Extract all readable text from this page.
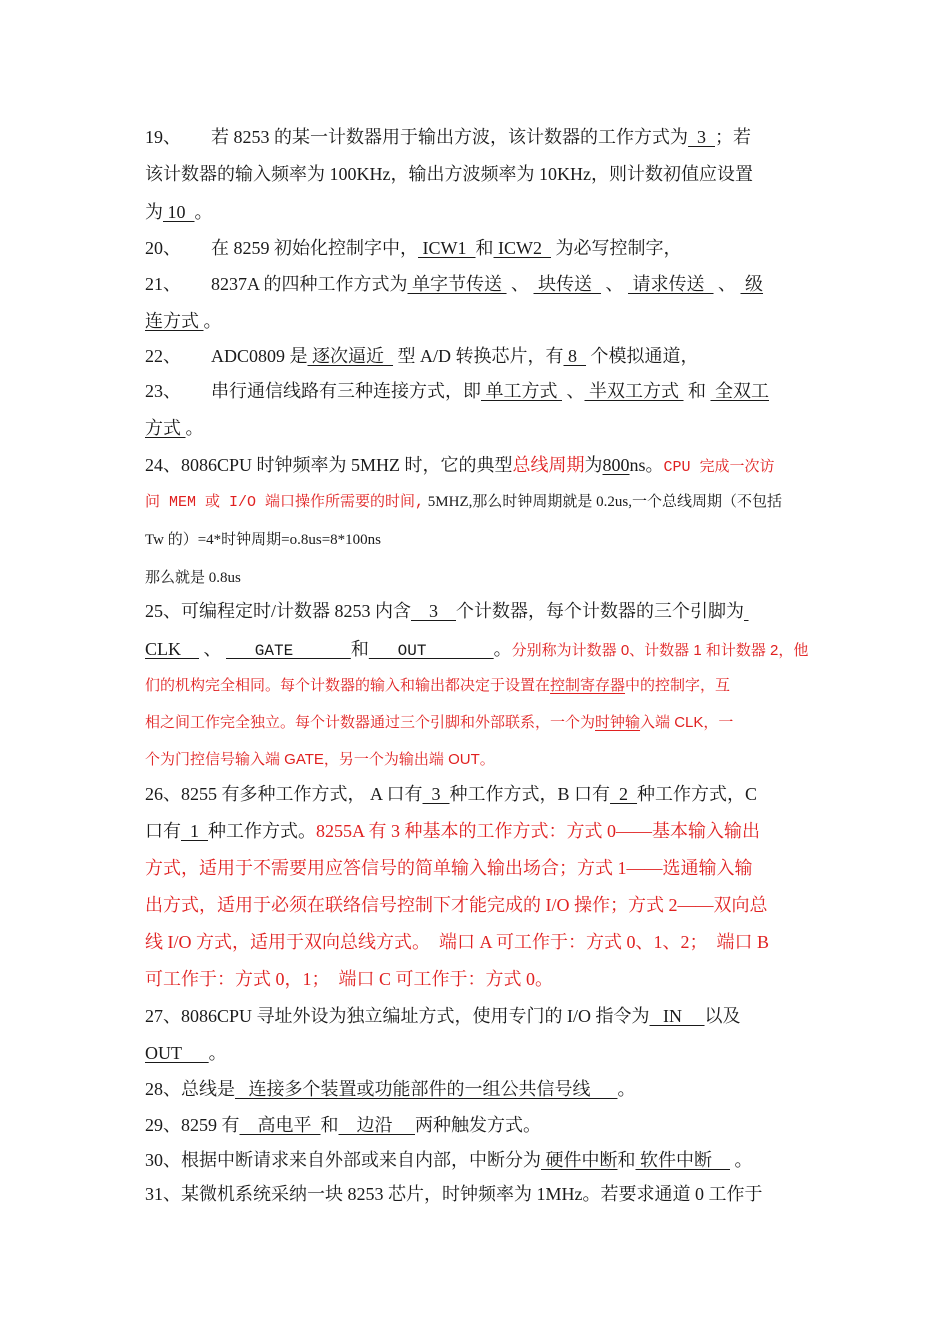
19、 若 8253 的某一计数器用于输出方波，该计数器的工作方式为  3  ；若
该计数器的输入频率为 100KHz，输出方波频率为 10KHz，则计数初值应设置
为 10  。
20、 在 8259 初始化控制字中， ICW1  和 ICW2   为必写控制字，
21、 8237A 的四种工作方式为 单字节传送  、  块传送   、  请求传送   、  级
连方式 。
22、 ADC0809 是 逐次逼近   型 A/D 转换芯片，有 8   个模拟通道，
23、 串行通信线路有三种连接方式，即 单工方式  、 半双工方式  和  全双工
方式 。
24、8086CPU 时钟频率为 5MHZ 时，它的典型总线周期为800ns。CPU 完成一次访
问 MEM 或 I/O 端口操作所需要的时间, 5MHZ,那么时钟周期就是 0.2us,一个总线周期（不包括
Tw 的）=4*时钟周期=o.8us=8*100ns
那么就是 0.8us
25、可编程定时/计数器 8253 内含    3    个计数器，每个计数器的三个引脚为
CLK     、    GATE      和   OUT       。分别称为计数器 0、计数器 1 和计数器 2，他
们的机构完全相同。每个计数器的输入和输出都决定于设置在控制寄存器中的控制字，互
相之间工作完全独立。每个计数器通过三个引脚和外部联系，一个为时钟输入端 CLK，一
个为门控信号输入端 GATE，另一个为输出端 OUT。
26、8255 有多种工作方式， A 口有  3  种工作方式，B 口有  2  种工作方式，C
口有  1  种工作方式。8255A 有 3 种基本的工作方式：方式 0——基本输入输出
方式，适用于不需要用应答信号的简单输入输出场合；方式 1——选通输入输
出方式，适用于必须在联络信号控制下才能完成的 I/O 操作；方式 2——双向总
线 I/O 方式，适用于双向总线方式。  端口 A 可工作于：方式 0、1、2；  端口 B
可工作于：方式 0，1；  端口 C 可工作于：方式 0。
27、8086CPU 寻址外设为独立编址方式，使用专门的 I/O 指令为   IN     以及
OUT      。
28、总线是   连接多个装置或功能部件的一组公共信号线      。
29、8259 有    高电平  和    边沿     两种触发方式。
30、根据中断请求来自外部或来自内部，中断分为 硬件中断和 软件中断     。
31、某微机系统采纳一块 8253 芯片，时钟频率为 1MHz。若要求通道 0 工作于
